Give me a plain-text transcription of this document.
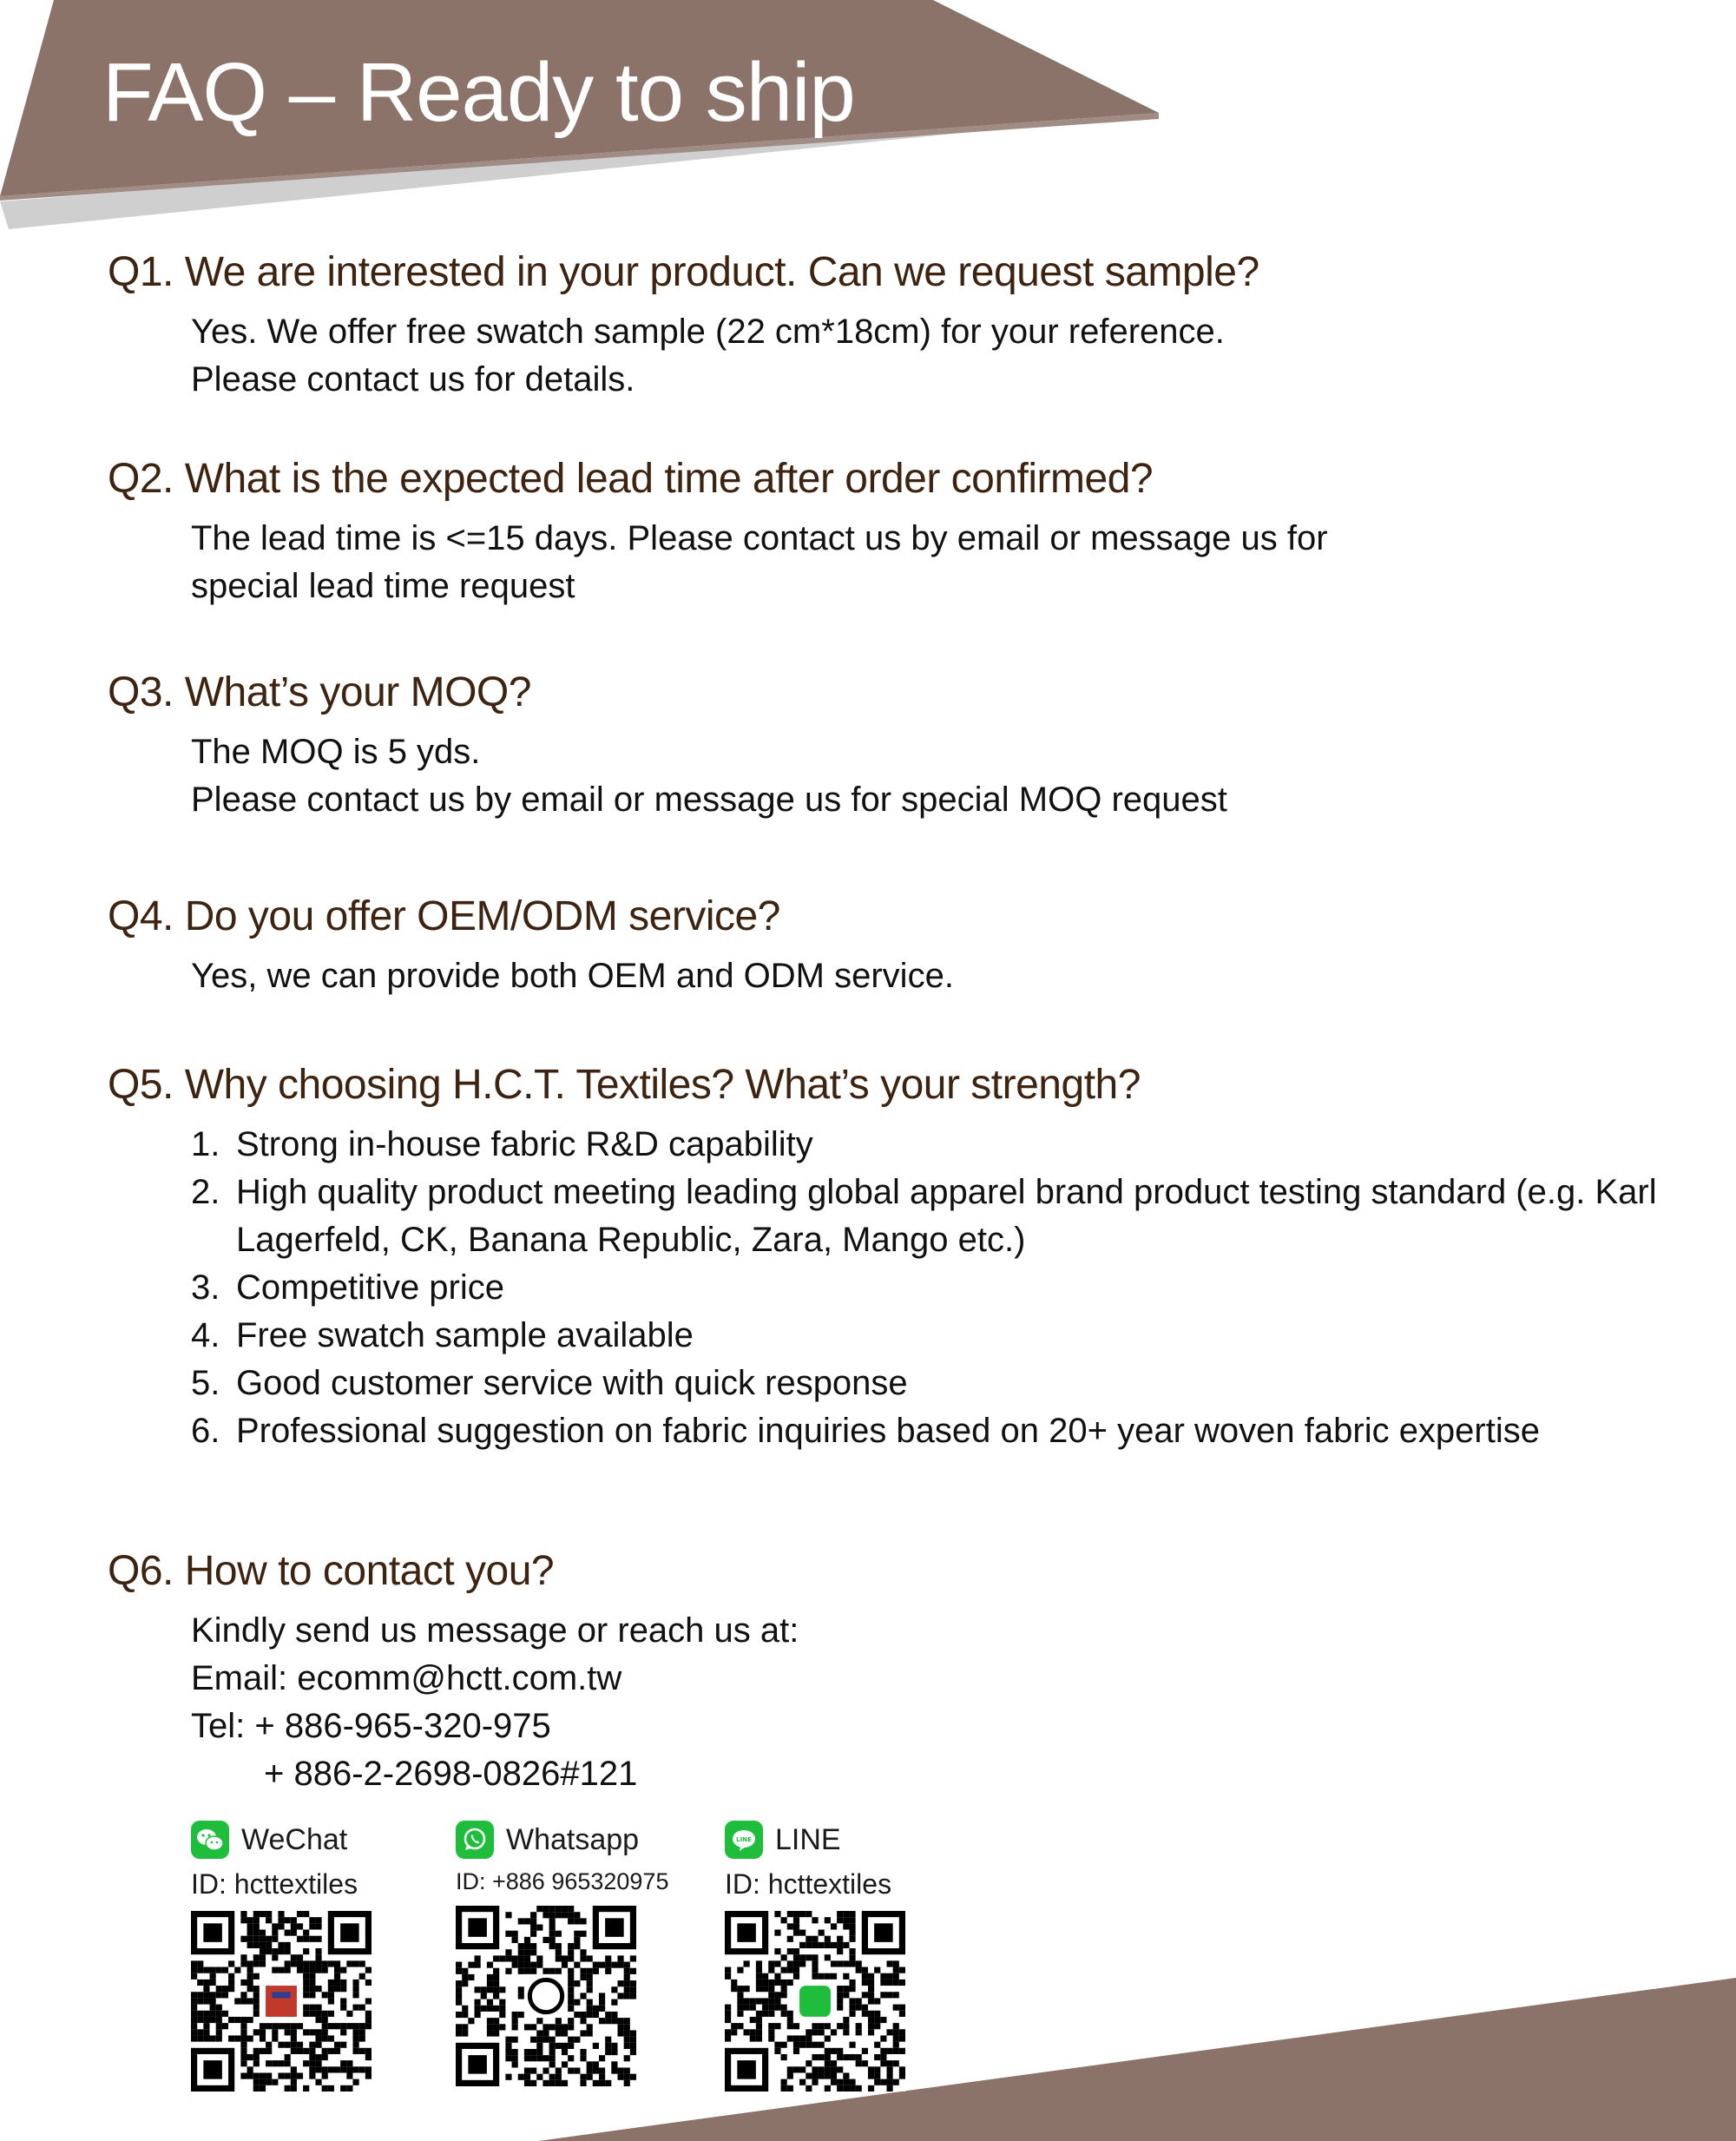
FAQ – Ready to ship
Q1. We are interested in your product. Can we request sample?

Yes. We offer free swatch sample (22 cm*18cm) for your reference.

Please contact us for details.

Q2. What is the expected lead time after order confirmed?

The lead time is <=15 days. Please contact us by email or message us for

special lead time request

Q3. What’s your MOQ?

The MOQ is 5 yds.

Please contact us by email or message us for special MOQ request

Q4. Do you offer OEM/ODM service?

Yes, we can provide both OEM and ODM service.

Q5. Why choosing H.C.T. Textiles? What’s your strength?
1. Strong in-house fabric R&D capability
2. High quality product meeting leading global apparel brand product testing standard (e.g. Karl Lagerfeld, CK, Banana Republic, Zara, Mango etc.)
3. Competitive price
4. Free swatch sample available
5. Good customer service with quick response
6. Professional suggestion on fabric inquiries based on 20+ year woven fabric expertise
Q6. How to contact you?

Kindly send us message or reach us at:

Email: ecomm@hctt.com.tw

Tel: + 886-965-320-975

+ 886-2-2698-0826#121

WeChat
ID: hcttextiles
Whatsapp
ID: +886 965320975
LINE LINE
ID: hcttextiles
